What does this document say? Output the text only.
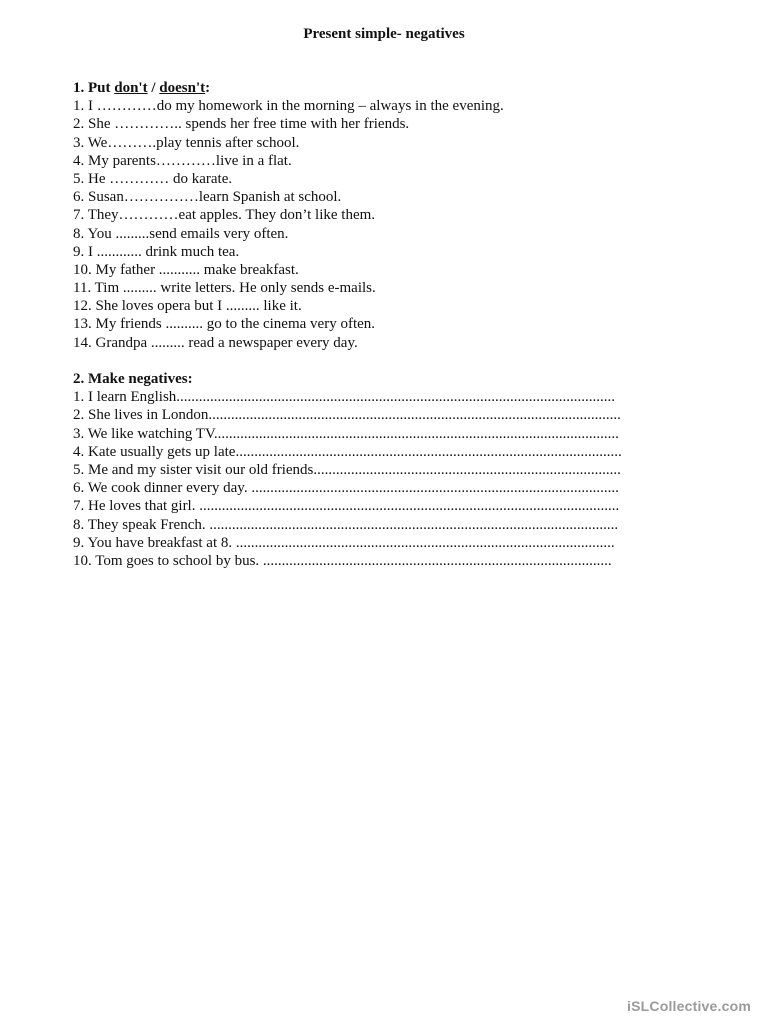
Present simple- negatives
1. Put don't / doesn't:
1. I …………do my homework in the morning – always in the evening.
2. She ………….. spends her free time with her friends.
3. We……….play tennis after school.
4. My parents…………live in a flat.
5. He ………… do karate.
6. Susan……………learn Spanish at school.
7. They…………eat apples. They don’t like them.
8. You .........send emails very often.
9. I ............ drink much tea.
10. My father ........... make breakfast.
11. Tim ......... write letters. He only sends e-mails.
12. She loves opera but I ......... like it.
13. My friends .......... go to the cinema very often.
14. Grandpa ......... read a newspaper every day.
2. Make negatives:
1. I learn English.....................................................................................................................
2. She lives in London..............................................................................................................
3. We like watching TV............................................................................................................
4. Kate usually gets up late.......................................................................................................
5. Me and my sister visit our old friends..................................................................................
6. We cook dinner every day. ..................................................................................................
7. He loves that girl. ................................................................................................................
8. They speak French. .............................................................................................................
9. You have breakfast at 8. .....................................................................................................
10. Tom goes to school by bus. .............................................................................................
iSLCollective.com
